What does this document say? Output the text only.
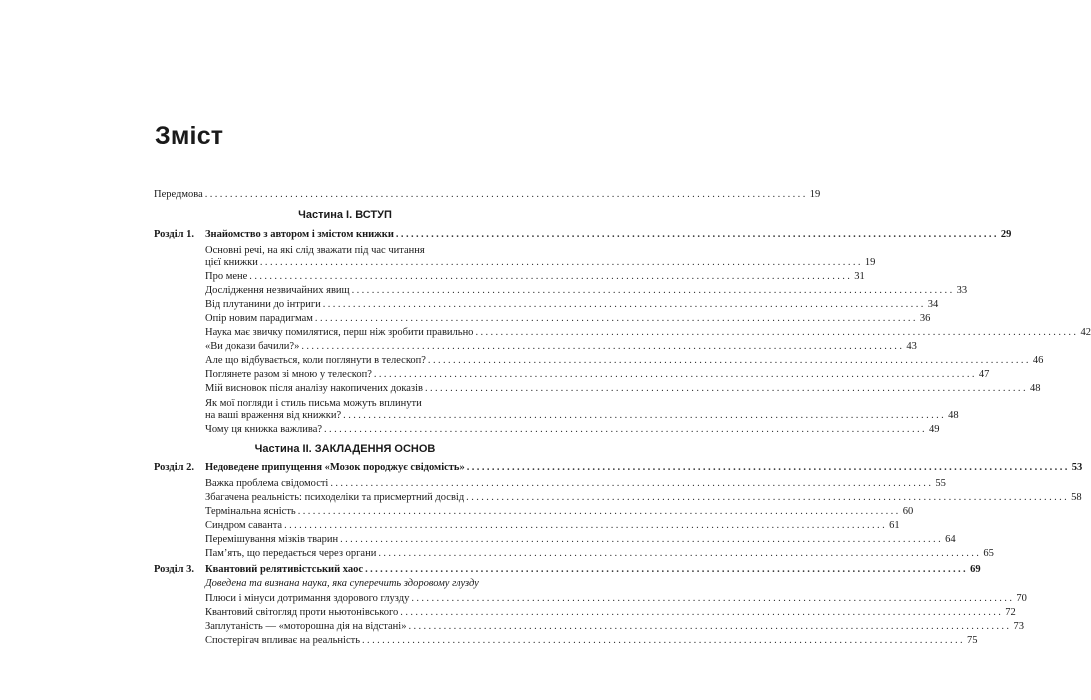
Зміст
Передмова ........................................................................................................................ 19
Частина І. ВСТУП
Розділ 1. Знайомство з автором і змістом книжки ........................................................................................................................ 29
Основні речі, на які слід зважати під час читання
цієї книжки ........................................................................................................................ 19
Про мене ........................................................................................................................ 31
Дослідження незвичайних явищ ........................................................................................................................ 33
Від плутанини до інтриги ........................................................................................................................ 34
Опір новим парадигмам ........................................................................................................................ 36
Наука має звичку помилятися, перш ніж зробити правильно ........................................................................................................................ 42
«Ви докази бачили?» ........................................................................................................................ 43
Але що відбувається, коли поглянути в телескоп? ........................................................................................................................ 46
Поглянете разом зі мною у телескоп? ........................................................................................................................ 47
Мій висновок після аналізу накопичених доказів ........................................................................................................................ 48
Як мої погляди і стиль письма можуть вплинути
на ваші враження від книжки? ........................................................................................................................ 48
Чому ця книжка важлива? ........................................................................................................................ 49
Частина ІІ. ЗАКЛАДЕННЯ ОСНОВ
Розділ 2. Недоведене припущення «Мозок породжує свідомість» ........................................................................................................................ 53
Важка проблема свідомості ........................................................................................................................ 55
Збагачена реальність: психоделіки та присмертний досвід ........................................................................................................................ 58
Термінальна ясність ........................................................................................................................ 60
Синдром саванта ........................................................................................................................ 61
Перемішування мізків тварин ........................................................................................................................ 64
Пам’ять, що передається через органи ........................................................................................................................ 65
Розділ 3. Квантовий релятивістський хаос ........................................................................................................................ 69
Доведена та визнана наука, яка суперечить здоровому глузду
Плюси і мінуси дотримання здорового глузду ........................................................................................................................ 70
Квантовий світогляд проти ньютонівського ........................................................................................................................ 72
Заплутаність — «моторошна дія на відстані» ........................................................................................................................ 73
Спостерігач впливає на реальність ........................................................................................................................ 75
